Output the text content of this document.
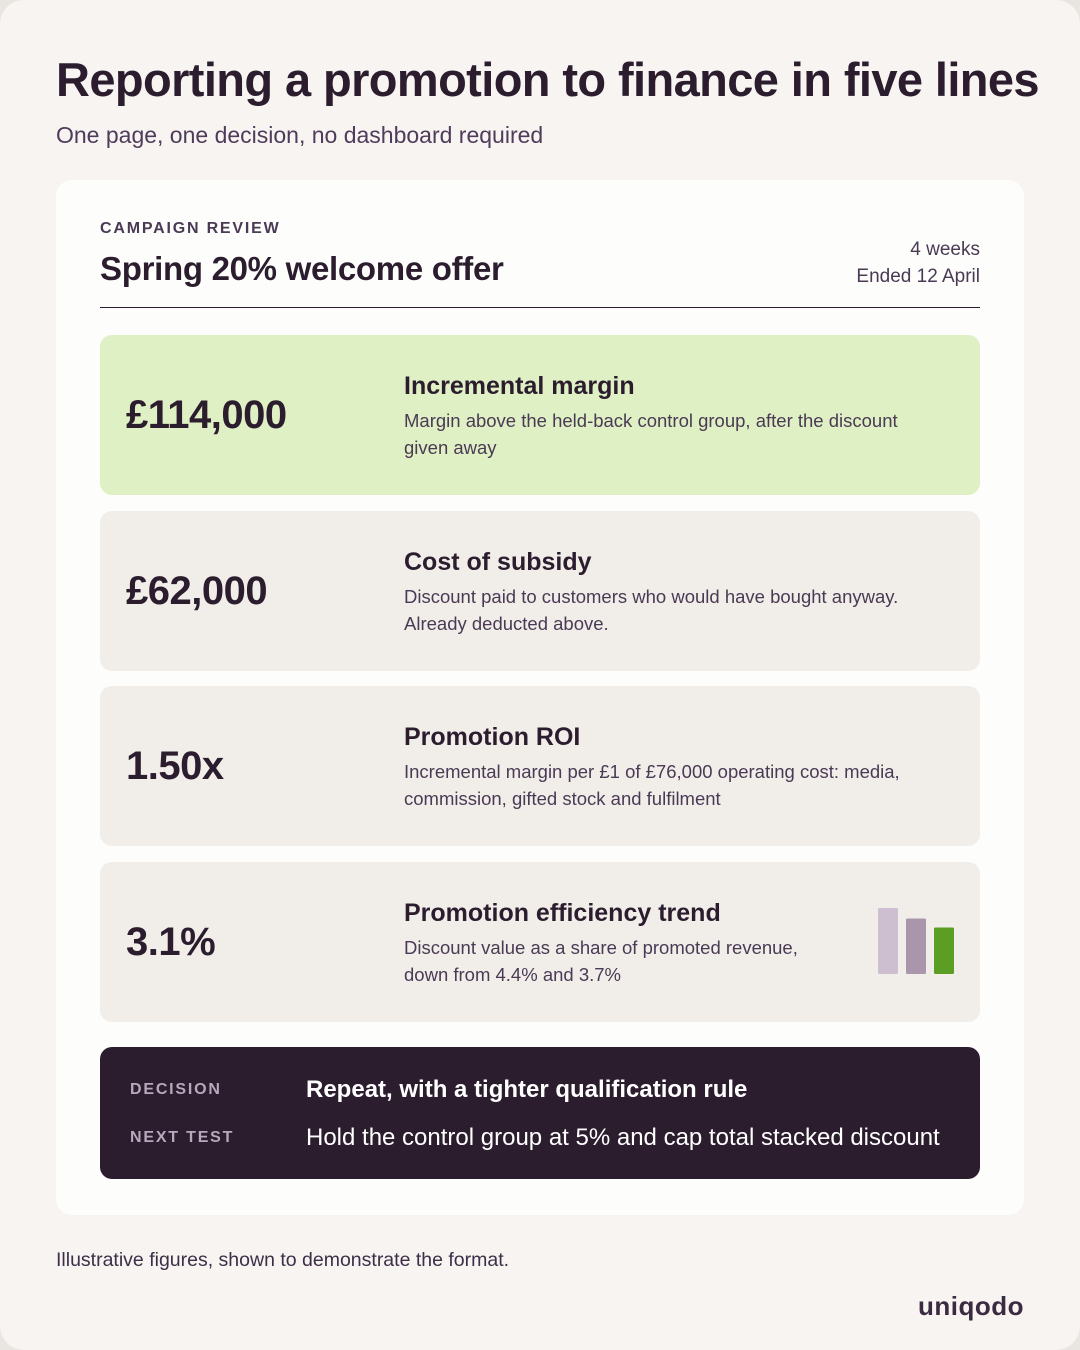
Reporting a promotion to finance in five lines

One page, one decision, no dashboard required

CAMPAIGN REVIEW
Spring 20% welcome offer
4 weeks
Ended 12 April
£114,000

Incremental margin

Margin above the held-back control group, after the discount given away

£62,000

Cost of subsidy

Discount paid to customers who would have bought anyway. Already deducted above.

1.50x

Promotion ROI

Incremental margin per £1 of £76,000 operating cost: media, commission, gifted stock and fulfilment

3.1%

Promotion efficiency trend

Discount value as a share of promoted revenue, down from 4.4% and 3.7%

DECISION	Repeat, with a tighter qualification rule
NEXT TEST	Hold the control group at 5% and cap total stacked discount

Illustrative figures, shown to demonstrate the format.

uniqodo
